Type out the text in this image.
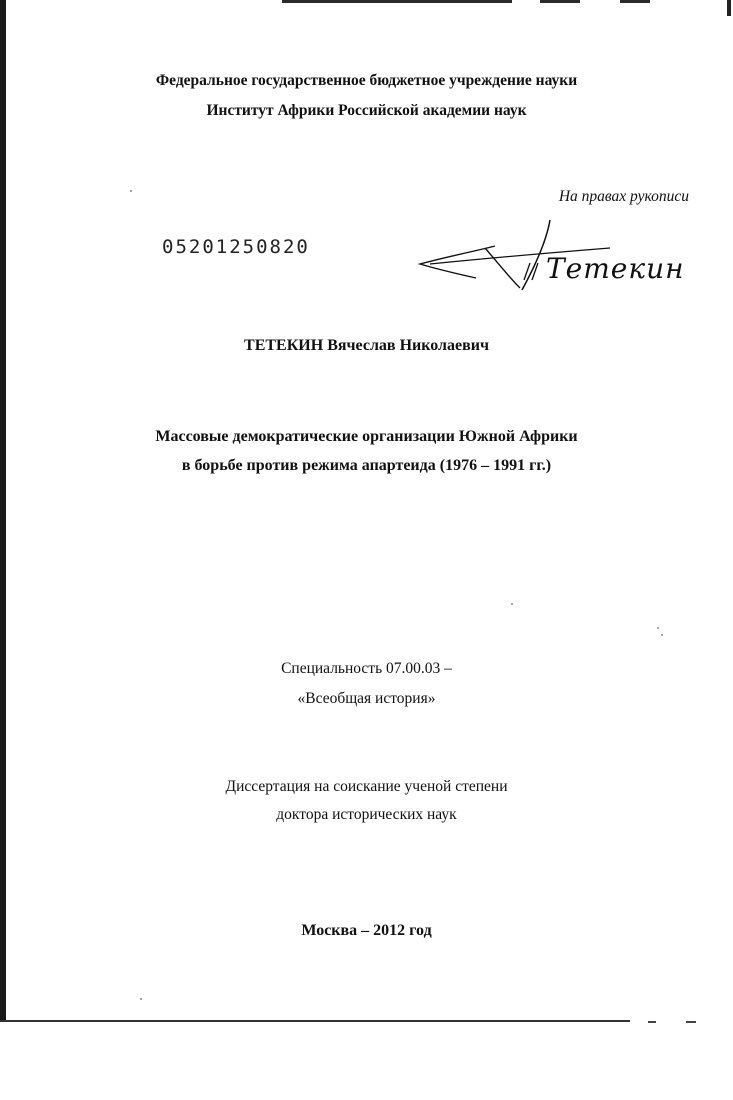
Федеральное государственное бюджетное учреждение науки
Институт Африки Российской академии наук
На правах рукописи
05201250820
Тетекин
ТЕТЕКИН Вячеслав Николаевич
Массовые демократические организации Южной Африки
в борьбе против режима апартеида (1976 – 1991 гг.)
Специальность 07.00.03 –
«Всеобщая история»
Диссертация на соискание ученой степени
доктора исторических наук
Москва – 2012 год
